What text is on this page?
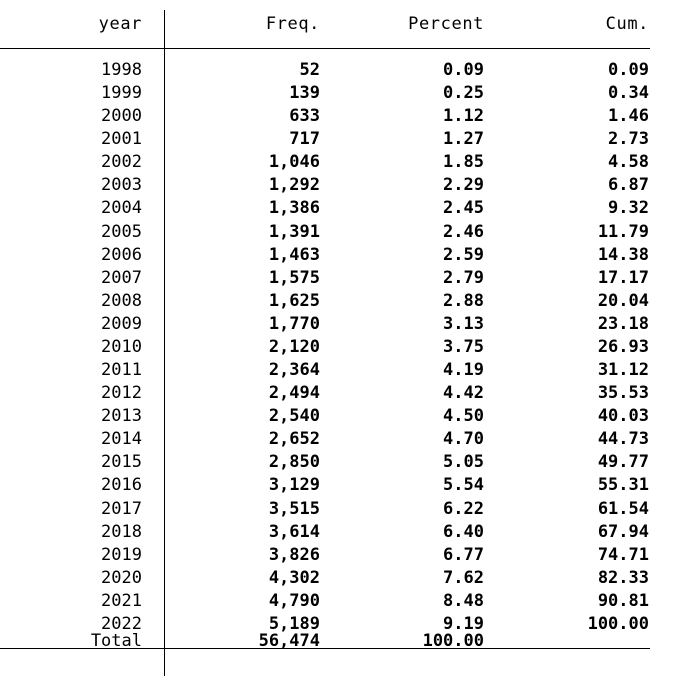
year	Freq.	Percent	Cum.
1998	52	0.09	0.09
1999	139	0.25	0.34
2000	633	1.12	1.46
2001	717	1.27	2.73
2002	1,046	1.85	4.58
2003	1,292	2.29	6.87
2004	1,386	2.45	9.32
2005	1,391	2.46	11.79
2006	1,463	2.59	14.38
2007	1,575	2.79	17.17
2008	1,625	2.88	20.04
2009	1,770	3.13	23.18
2010	2,120	3.75	26.93
2011	2,364	4.19	31.12
2012	2,494	4.42	35.53
2013	2,540	4.50	40.03
2014	2,652	4.70	44.73
2015	2,850	5.05	49.77
2016	3,129	5.54	55.31
2017	3,515	6.22	61.54
2018	3,614	6.40	67.94
2019	3,826	6.77	74.71
2020	4,302	7.62	82.33
2021	4,790	8.48	90.81
2022	5,189	9.19	100.00
Total	56,474	100.00
